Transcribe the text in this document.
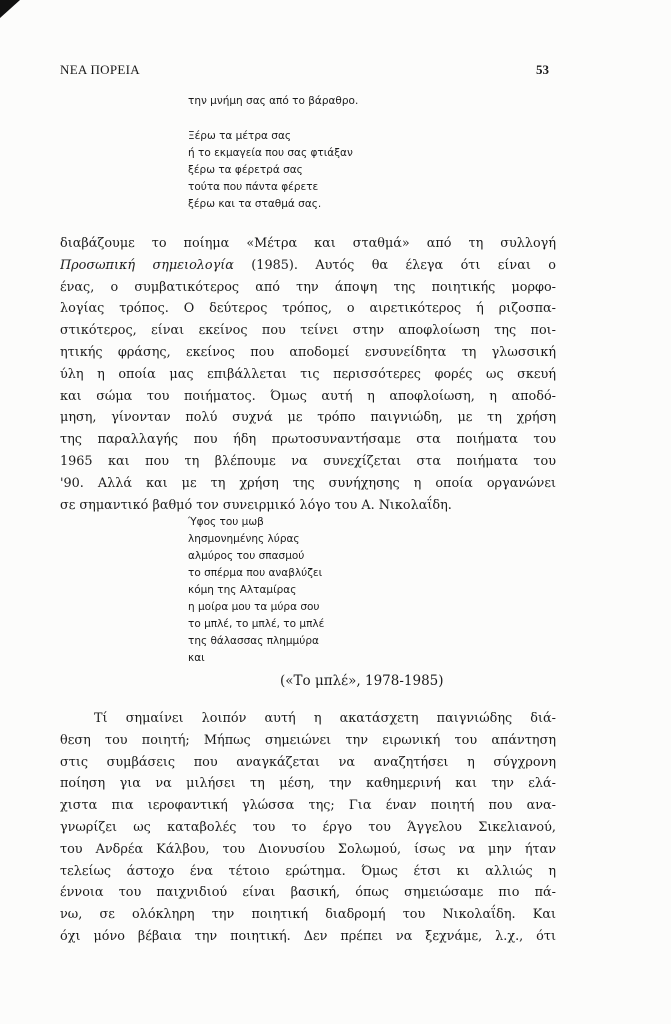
ΝΕΑ ΠΟΡΕΙΑ	53
την μνήμη σας από το βάραθρο.
Ξέρω τα μέτρα σας
ή το εκμαγεία που σας φτιάξαν
ξέρω τα φέρετρά σας
τούτα που πάντα φέρετε
ξέρω και τα σταθμά σας.
διαβάζουμε το ποίημα «Μέτρα και σταθμά» από τη συλλογή
Προσωπική σημειολογία (1985). Αυτός θα έλεγα ότι είναι ο
ένας, ο συμβατικότερος από την άποψη της ποιητικής μορφο-
λογίας τρόπος. Ο δεύτερος τρόπος, ο αιρετικότερος ή ριζοσπα-
στικότερος, είναι εκείνος που τείνει στην αποφλοίωση της ποι-
ητικής φράσης, εκείνος που αποδομεί ενσυνείδητα τη γλωσσική
ύλη η οποία μας επιβάλλεται τις περισσότερες φορές ως σκευή
και σώμα του ποιήματος. Όμως αυτή η αποφλοίωση, η αποδό-
μηση, γίνονταν πολύ συχνά με τρόπο παιγνιώδη, με τη χρήση
της παραλλαγής που ήδη πρωτοσυναντήσαμε στα ποιήματα του
1965 και που τη βλέπουμε να συνεχίζεται στα ποιήματα του
'90. Αλλά και με τη χρήση της συνήχησης η οποία οργανώνει
σε σημαντικό βαθμό τον συνειρμικό λόγο του Α. Νικολαΐδη.
Ύφος του μωβ
λησμονημένης λύρας
αλμύρος του σπασμού
το σπέρμα που αναβλύζει
κόμη της Αλταμίρας
η μοίρα μου τα μύρα σου
το μπλέ, το μπλέ, το μπλέ
της θάλασσας πλημμύρα
και
(«Το μπλέ», 1978-1985)
Τί σημαίνει λοιπόν αυτή η ακατάσχετη παιγνιώδης διά-
θεση του ποιητή; Μήπως σημειώνει την ειρωνική του απάντηση
στις συμβάσεις που αναγκάζεται να αναζητήσει η σύγχρονη
ποίηση για να μιλήσει τη μέση, την καθημερινή και την ελά-
χιστα πια ιεροφαντική γλώσσα της; Για έναν ποιητή που ανα-
γνωρίζει ως καταβολές του το έργο του Άγγελου Σικελιανού,
του Ανδρέα Κάλβου, του Διονυσίου Σολωμού, ίσως να μην ήταν
τελείως άστοχο ένα τέτοιο ερώτημα. Όμως έτσι κι αλλιώς η
έννοια του παιχνιδιού είναι βασική, όπως σημειώσαμε πιο πά-
νω, σε ολόκληρη την ποιητική διαδρομή του Νικολαΐδη. Και
όχι μόνο βέβαια την ποιητική. Δεν πρέπει να ξεχνάμε, λ.χ., ότι
